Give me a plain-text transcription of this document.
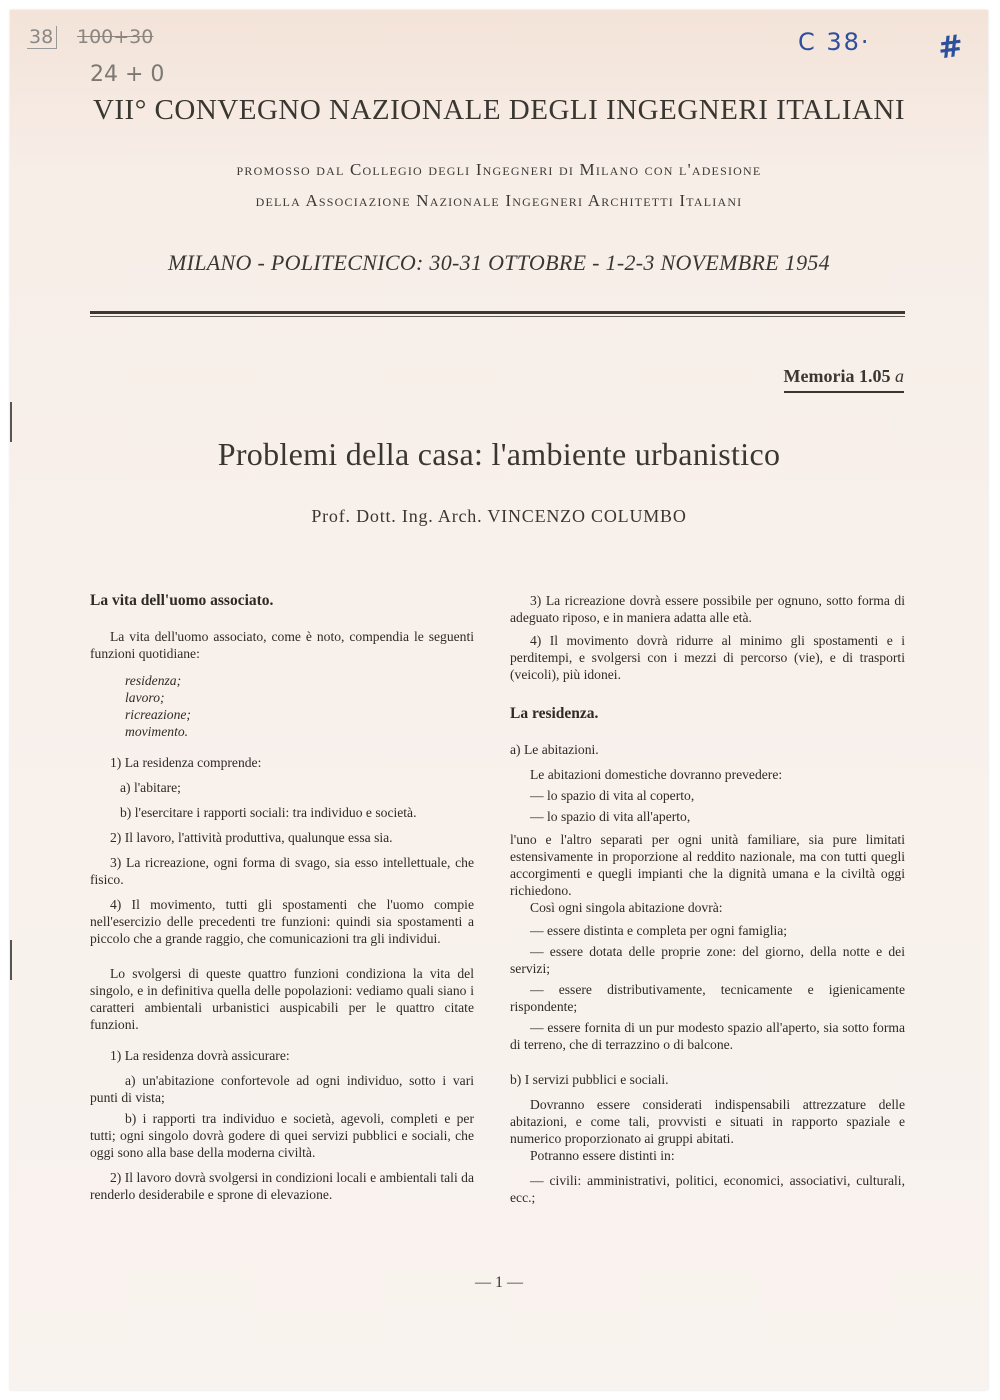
38 100+30
24 + 0
C 38· #
VII° CONVEGNO NAZIONALE DEGLI INGEGNERI ITALIANI
promosso dal Collegio degli Ingegneri di Milano con l'adesione
della Associazione Nazionale Ingegneri Architetti Italiani
MILANO - POLITECNICO: 30-31 OTTOBRE - 1-2-3 NOVEMBRE 1954
Memoria 1.05 a
Problemi della casa: l'ambiente urbanistico
Prof. Dott. Ing. Arch. VINCENZO COLUMBO

La vita dell'uomo associato.

La vita dell'uomo associato, come è noto, compendia le seguenti funzioni quotidiane:

residenza;

lavoro;

ricreazione;

movimento.

1) La residenza comprende:

a) l'abitare;

b) l'esercitare i rapporti sociali: tra individuo e società.

2) Il lavoro, l'attività produttiva, qualunque essa sia.

3) La ricreazione, ogni forma di svago, sia esso intellettuale, che fisico.

4) Il movimento, tutti gli spostamenti che l'uomo compie nell'esercizio delle precedenti tre funzioni: quindi sia spostamenti a piccolo che a grande raggio, che comunicazioni tra gli individui.

Lo svolgersi di queste quattro funzioni condiziona la vita del singolo, e in definitiva quella delle popolazioni: vediamo quali siano i caratteri ambientali urbanistici auspicabili per le quattro citate funzioni.

1) La residenza dovrà assicurare:

a) un'abitazione confortevole ad ogni individuo, sotto i vari punti di vista;

b) i rapporti tra individuo e società, agevoli, completi e per tutti; ogni singolo dovrà godere di quei servizi pubblici e sociali, che oggi sono alla base della moderna civiltà.

2) Il lavoro dovrà svolgersi in condizioni locali e ambientali tali da renderlo desiderabile e sprone di elevazione.

3) La ricreazione dovrà essere possibile per ognuno, sotto forma di adeguato riposo, e in maniera adatta alle età.

4) Il movimento dovrà ridurre al minimo gli spostamenti e i perditempi, e svolgersi con i mezzi di percorso (vie), e di trasporti (veicoli), più idonei.

La residenza.

a) Le abitazioni.

Le abitazioni domestiche dovranno prevedere:

— lo spazio di vita al coperto,

— lo spazio di vita all'aperto,

l'uno e l'altro separati per ogni unità familiare, sia pure limitati estensivamente in proporzione al reddito nazionale, ma con tutti quegli accorgimenti e quegli impianti che la dignità umana e la civiltà oggi richiedono.

Così ogni singola abitazione dovrà:

— essere distinta e completa per ogni famiglia;

— essere dotata delle proprie zone: del giorno, della notte e dei servizi;

— essere distributivamente, tecnicamente e igienicamente rispondente;

— essere fornita di un pur modesto spazio all'aperto, sia sotto forma di terreno, che di terrazzino o di balcone.

b) I servizi pubblici e sociali.

Dovranno essere considerati indispensabili attrezzature delle abitazioni, e come tali, provvisti e situati in rapporto spaziale e numerico proporzionato ai gruppi abitati.

Potranno essere distinti in:

— civili: amministrativi, politici, economici, associativi, culturali, ecc.;

— 1 —
